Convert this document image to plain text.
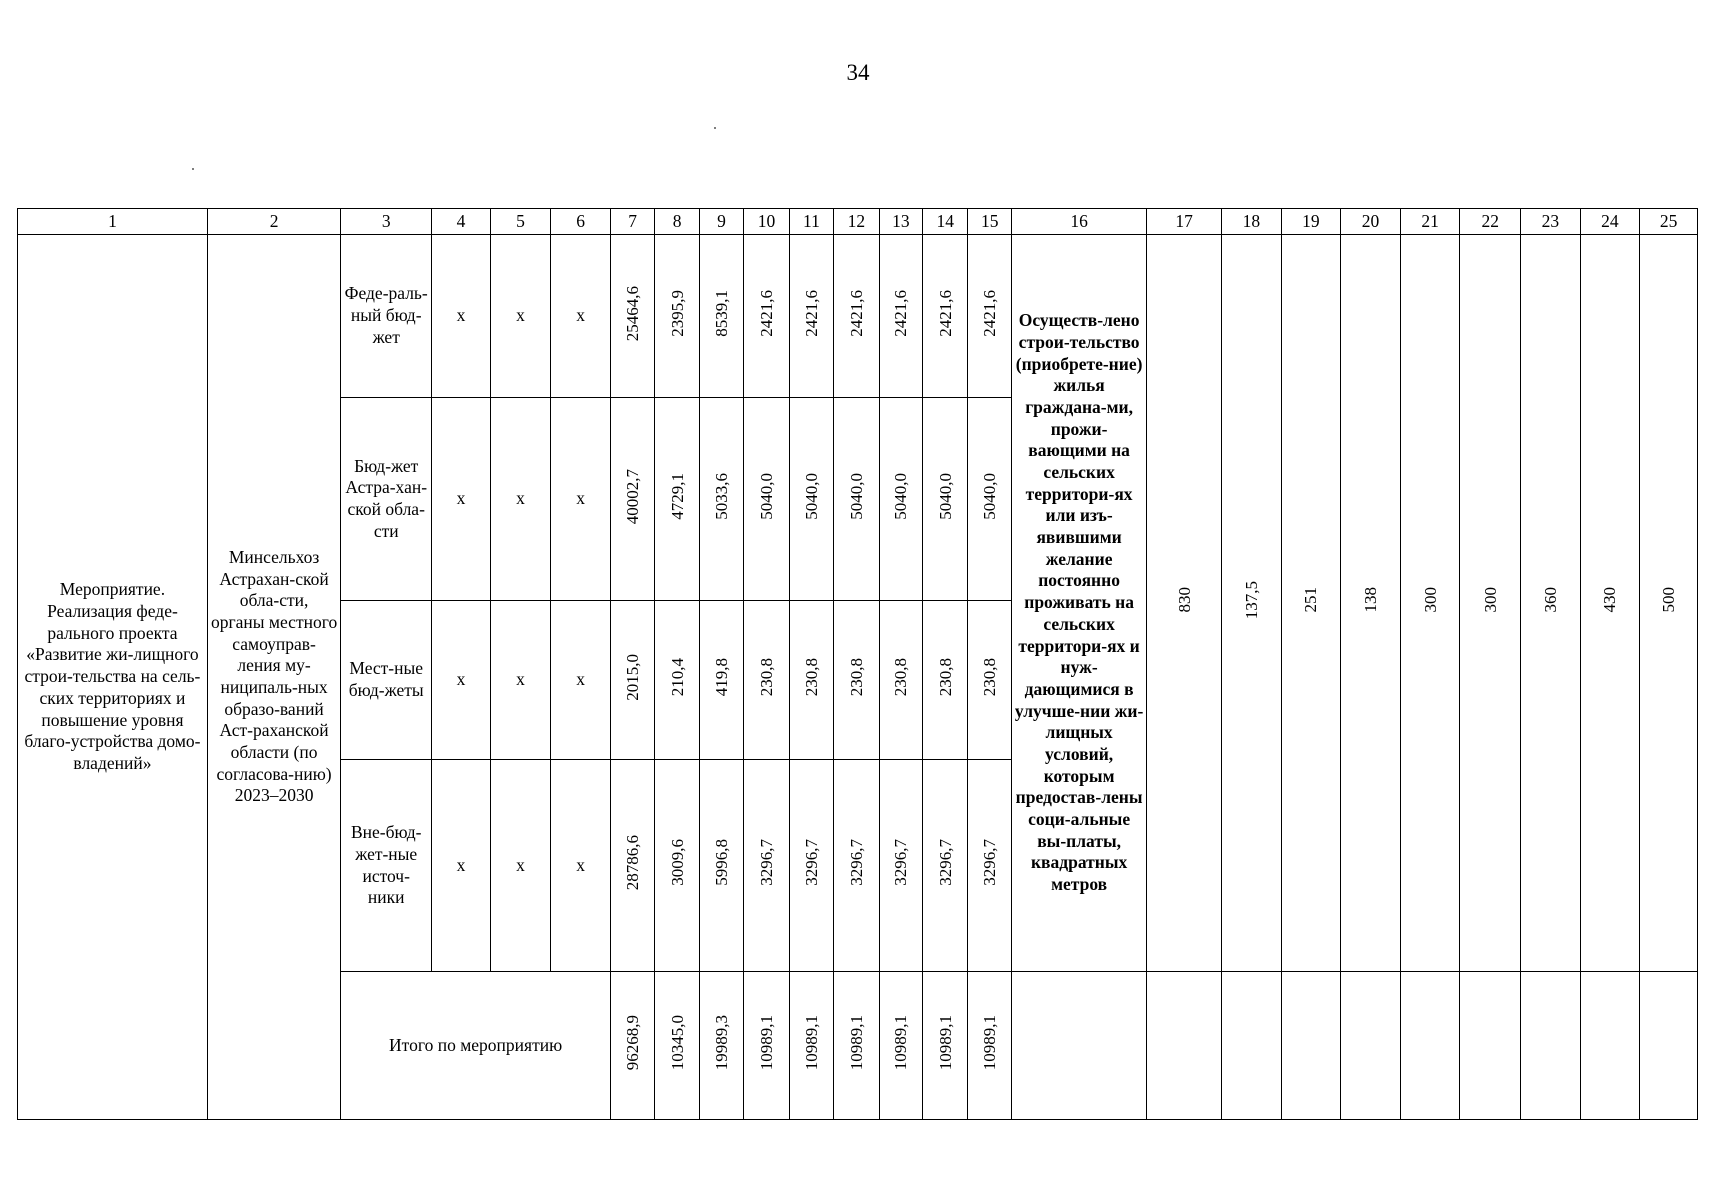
34
1	2	3	4	5	6	7	8	9	10	11	12	13	14	15	16	17	18	19	20	21	22	23	24	25
Мероприятие. Реализация феде-рального проекта «Развитие жи-лищного строи-тельства на сель-ских территориях и повышение уровня благо-устройства домо-владений»	Минсельхоз Астрахан-ской обла-сти, органы местного самоуправ-ления му-ниципаль-ных образо-ваний Аст-раханской области (по согласова-нию) 2023–2030	Феде-раль-ный бюд-жет	x	x	x	25464,6	2395,9	8539,1	2421,6	2421,6	2421,6	2421,6	2421,6	2421,6	Осуществ-лено строи-тельство (приобрете-ние) жилья граждана-ми, прожи-вающими на сельских территори-ях или изъ-явившими желание постоянно проживать на сельских территори-ях и нуж-дающимися в улучше-нии жи-лищных условий, которым предостав-лены соци-альные вы-платы, квадратных метров	830	137,5	251	138	300	300	360	430	500
		Бюд-жет Астра-хан-ской обла-сти	x	x	x	40002,7	4729,1	5033,6	5040,0	5040,0	5040,0	5040,0	5040,0	5040,0										
		Мест-ные бюд-жеты	x	x	x	2015,0	210,4	419,8	230,8	230,8	230,8	230,8	230,8	230,8										
		Вне-бюд-жет-ные источ-ники	x	x	x	28786,6	3009,6	5996,8	3296,7	3296,7	3296,7	3296,7	3296,7	3296,7										
		Итого по мероприятию				96268,9	10345,0	19989,3	10989,1	10989,1	10989,1	10989,1	10989,1	10989,1										
